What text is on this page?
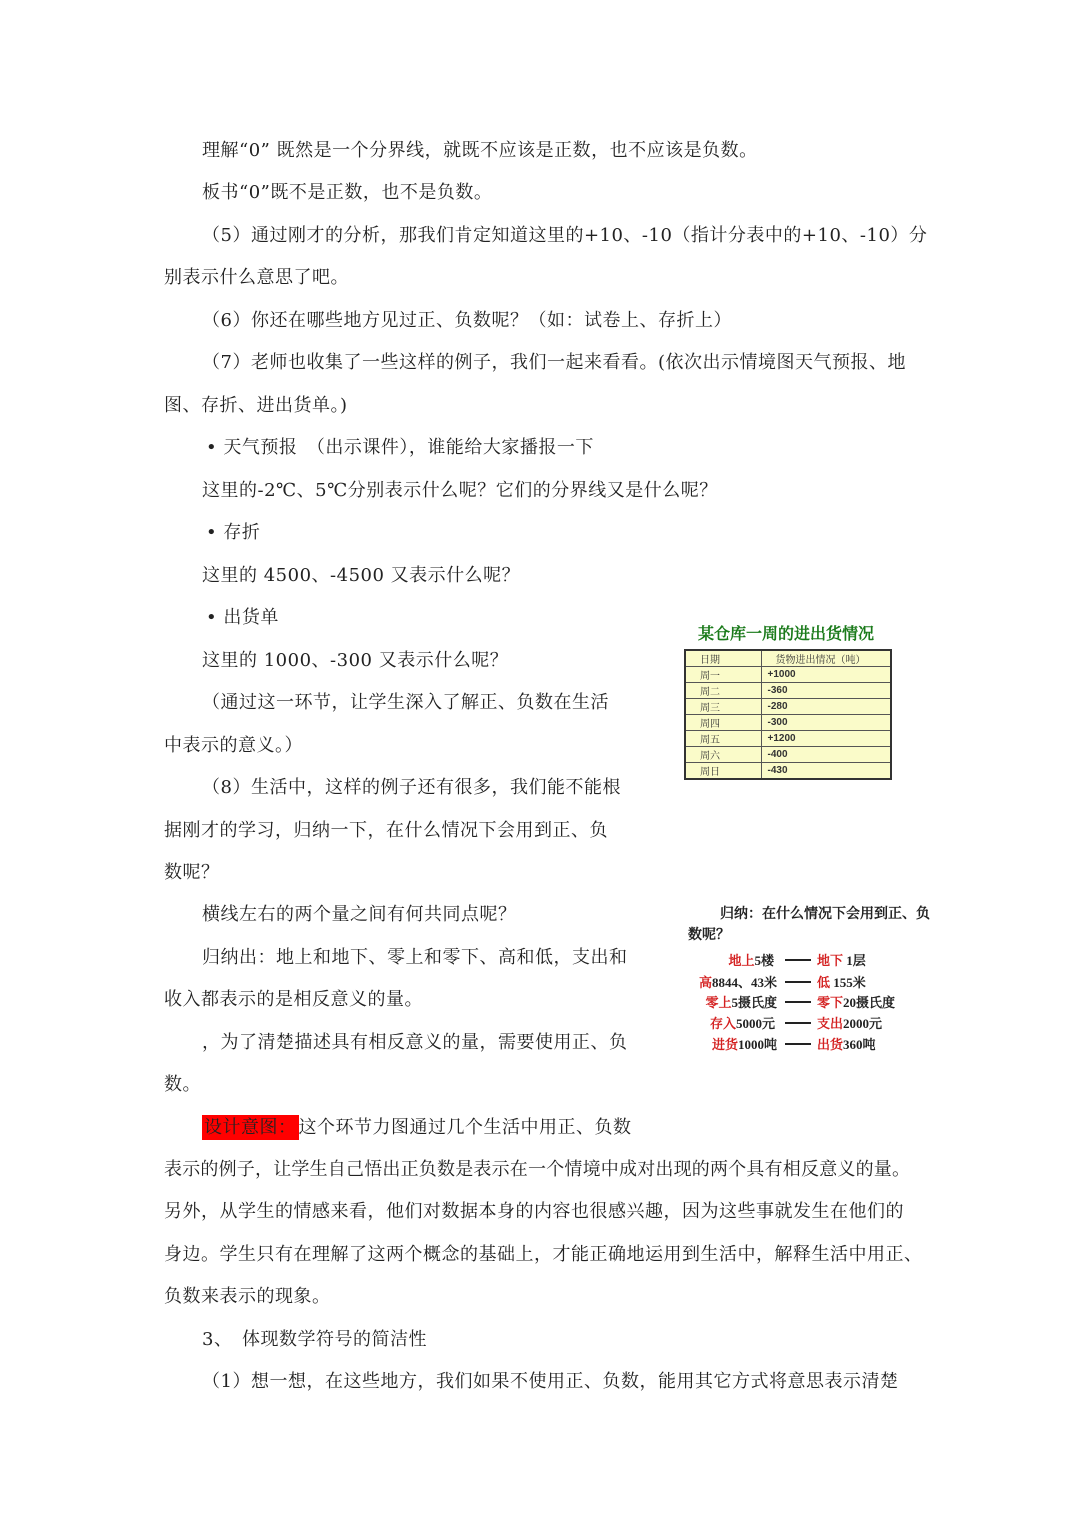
理解“0” 既然是一个分界线，就既不应该是正数，也不应该是负数。
板书“0”既不是正数，也不是负数。
（5）通过刚才的分析，那我们肯定知道这里的+10、-10（指计分表中的+10、-10）分
别表示什么意思了吧。
（6）你还在哪些地方见过正、负数呢？（如：试卷上、存折上）
（7）老师也收集了一些这样的例子，我们一起来看看。(依次出示情境图天气预报、地
图、存折、进出货单。)
• 天气预报　（出示课件），谁能给大家播报一下
这里的-2℃、5℃分别表示什么呢？它们的分界线又是什么呢？
• 存折
这里的 4500、-4500 又表示什么呢？
• 出货单
这里的 1000、-300 又表示什么呢？
（通过这一环节，让学生深入了解正、负数在生活
中表示的意义。）
（8）生活中，这样的例子还有很多，我们能不能根
据刚才的学习，归纳一下，在什么情况下会用到正、负
数呢？
横线左右的两个量之间有何共同点呢？
归纳出：地上和地下、零上和零下、高和低，支出和
收入都表示的是相反意义的量。
，为了清楚描述具有相反意义的量，需要使用正、负
数。
设计意图： 这个环节力图通过几个生活中用正、负数
表示的例子，让学生自己悟出正负数是表示在一个情境中成对出现的两个具有相反意义的量。
另外，从学生的情感来看，他们对数据本身的内容也很感兴趣，因为这些事就发生在他们的
身边。学生只有在理解了这两个概念的基础上，才能正确地运用到生活中，解释生活中用正、
负数来表示的现象。
3、　体现数学符号的简洁性
（1）想一想，在这些地方，我们如果不使用正、负数，能用其它方式将意思表示清楚
某仓库一周的进出货情况
日期	货物进出情况（吨）
周一	+1000
周二	-360
周三	-280
周四	-300
周五	+1200
周六	-400
周日	-430
归纳：在什么情况下会用到正、负数呢？
地上5楼	地下 1层
高8844、43米	低 155米
零上5摄氏度	零下20摄氏度
存入5000元	支出2000元
进货1000吨	出货360吨
